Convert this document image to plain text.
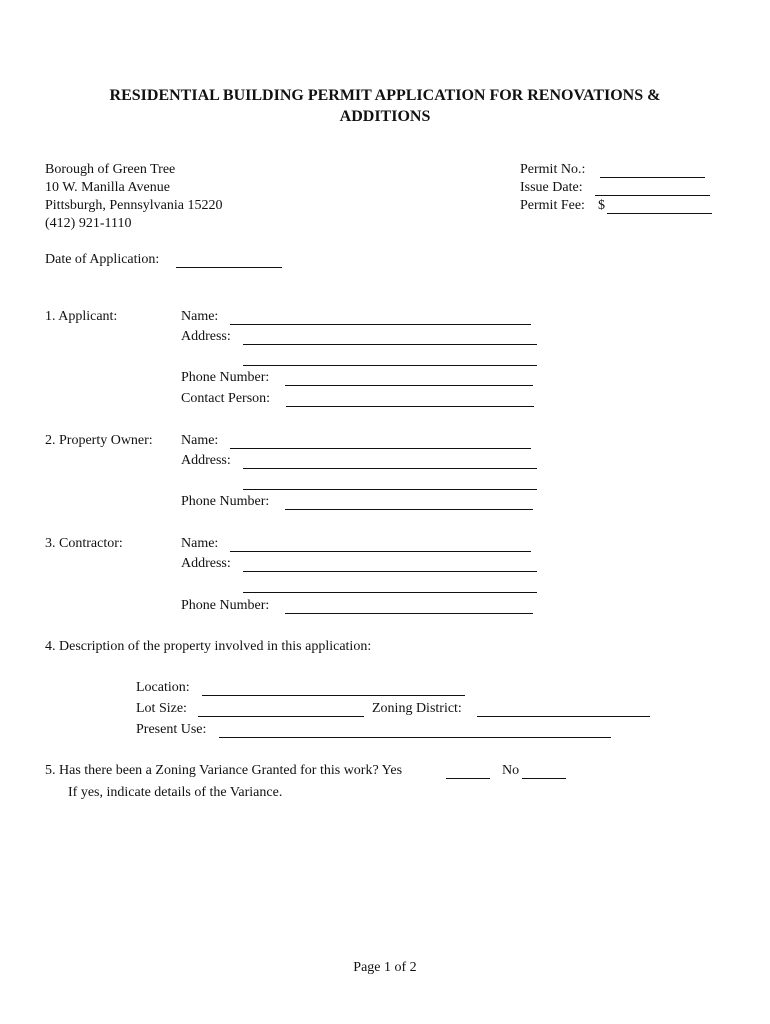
RESIDENTIAL BUILDING PERMIT APPLICATION FOR RENOVATIONS &
ADDITIONS
Borough of Green Tree
10 W. Manilla Avenue
Pittsburgh, Pennsylvania 15220
(412) 921-1110
Permit No.:
Issue Date:
Permit Fee: $
Date of Application:
1. Applicant:	Name:
Address:
Phone Number:
Contact Person:
2. Property Owner: Name:
Address:
Phone Number:
3. Contractor:	Name:
Address:
Phone Number:
4. Description of the property involved in this application:
Location:
Lot Size:	Zoning District:
Present Use:
5. Has there been a Zoning Variance Granted for this work? Yes	No
If yes, indicate details of the Variance.
Page 1 of 2
